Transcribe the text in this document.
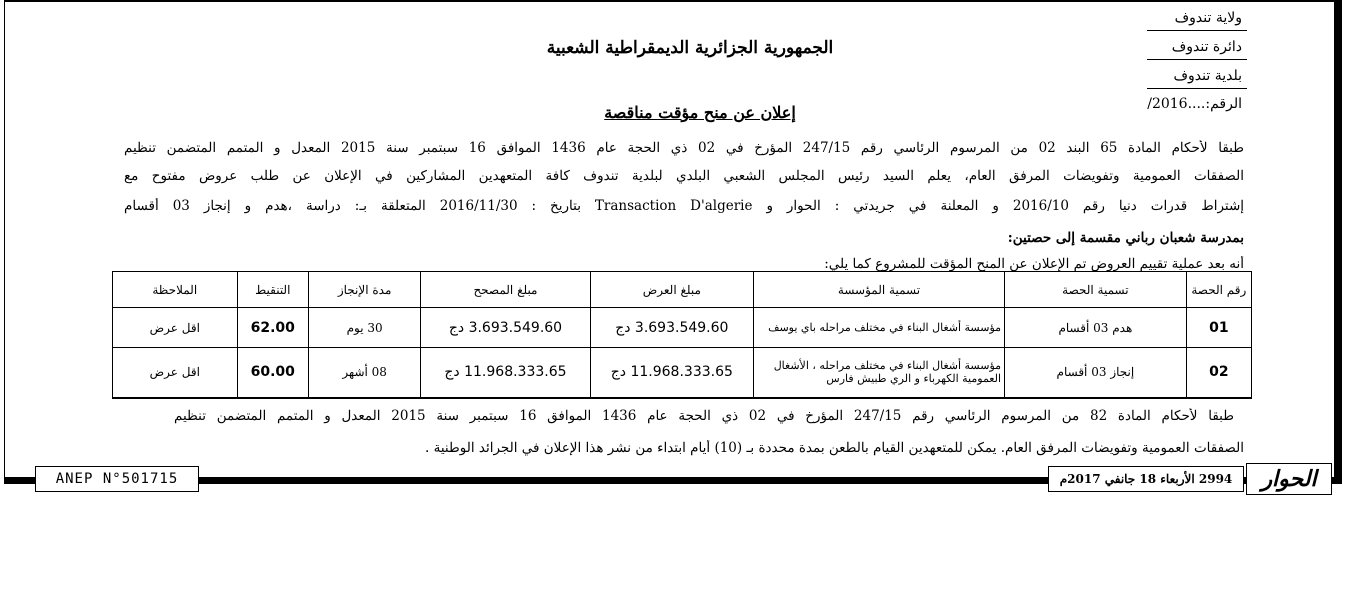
ولاية تندوف
دائرة تندوف
بلدية تندوف
الرقم:....2016/
الجمهورية الجزائرية الديمقراطية الشعبية
إعلان عن منح مؤقت مناقصة
طبقا لأحكام المادة 65 البند 02 من المرسوم الرئاسي رقم 247/15 المؤرخ في 02 ذي الحجة عام 1436 الموافق 16 سبتمبر سنة 2015 المعدل و المتمم المتضمن تنظيم
الصفقات العمومية وتفويضات المرفق العام، يعلم السيد رئيس المجلس الشعبي البلدي لبلدية تندوف كافة المتعهدين المشاركين في الإعلان عن طلب عروض مفتوح مع
إشتراط قدرات دنيا رقم 2016/10 و المعلنة في جريدتي : الحوار و Transaction D'algerie بتاريخ : 2016/11/30 المتعلقة بـ: دراسة ،هدم و إنجاز 03 أقسام
بمدرسة شعبان رباني مقسمة إلى حصتين:
أنه بعد عملية تقييم العروض تم الإعلان عن المنح المؤقت للمشروع كما يلي:
رقم الحصة	تسمية الحصة	تسمية المؤسسة	مبلغ العرض	مبلغ المصحح	مدة الإنجاز	التنقيط	الملاحظة
01	هدم 03 أقسام	مؤسسة أشغال البناء في مختلف مراحله باي يوسف	3.693.549.60 دج	3.693.549.60 دج	30 يوم	62.00	اقل عرض
02	إنجاز 03 أقسام	مؤسسة أشغال البناء في مختلف مراحله ، الأشغال العمومية الكهرباء و الري طبيش فارس	11.968.333.65 دج	11.968.333.65 دج	08 أشهر	60.00	اقل عرض
طبقا لأحكام المادة 82 من المرسوم الرئاسي رقم 247/15 المؤرخ في 02 ذي الحجة عام 1436 الموافق 16 سبتمبر سنة 2015 المعدل و المتمم المتضمن تنظيم
الصفقات العمومية وتفويضات المرفق العام. يمكن للمتعهدين القيام بالطعن بمدة محددة بـ (10) أيام ابتداء من نشر هذا الإعلان في الجرائد الوطنية .
ANEP N°501715	2994 الأربعاء 18 جانفي 2017م	الحوار
